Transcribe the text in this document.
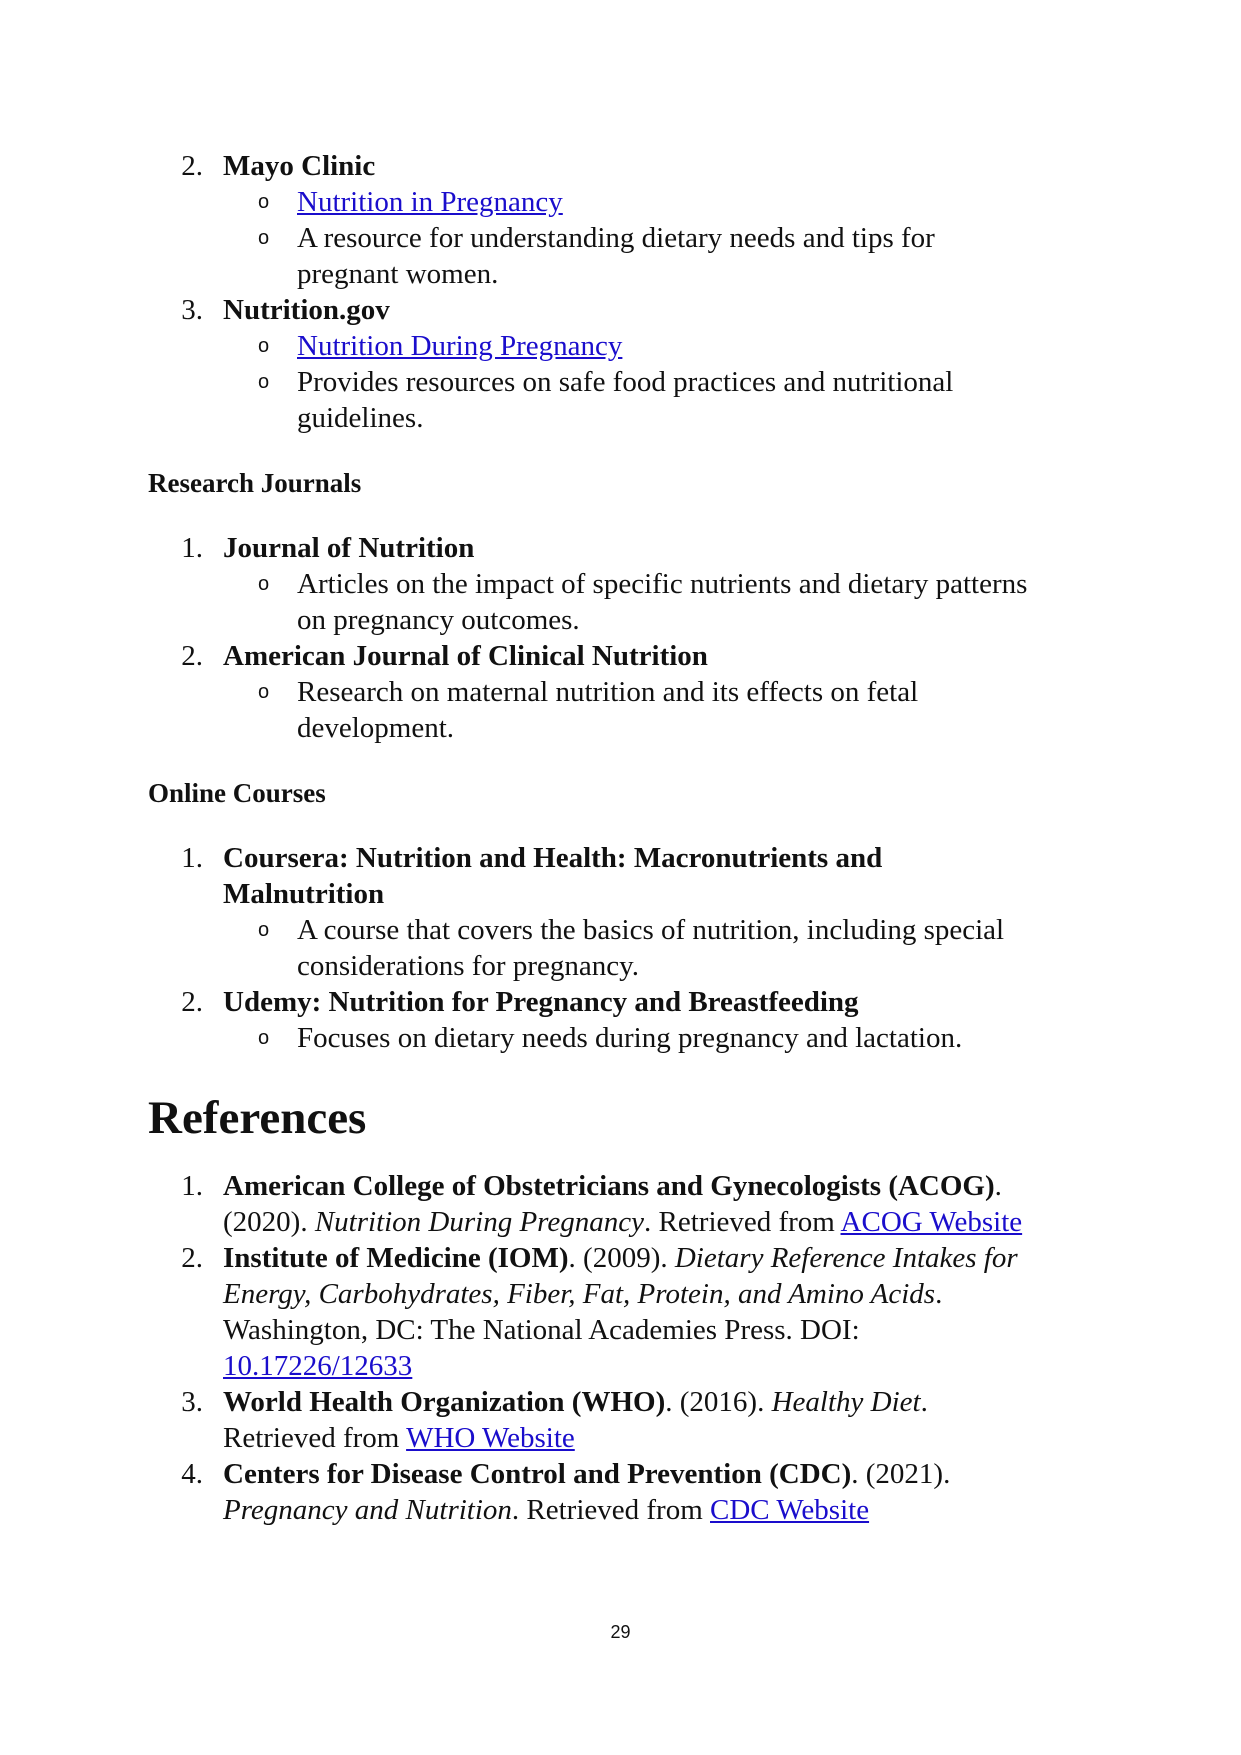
2. Mayo Clinic
o Nutrition in Pregnancy
o A resource for understanding dietary needs and tips for
pregnant women.
3. Nutrition.gov
o Nutrition During Pregnancy
o Provides resources on safe food practices and nutritional
guidelines.
Research Journals
1. Journal of Nutrition
o Articles on the impact of specific nutrients and dietary patterns
on pregnancy outcomes.
2. American Journal of Clinical Nutrition
o Research on maternal nutrition and its effects on fetal
development.
Online Courses
1. Coursera: Nutrition and Health: Macronutrients and
Malnutrition
o A course that covers the basics of nutrition, including special
considerations for pregnancy.
2. Udemy: Nutrition for Pregnancy and Breastfeeding
o Focuses on dietary needs during pregnancy and lactation.
References
1. American College of Obstetricians and Gynecologists (ACOG).
(2020). Nutrition During Pregnancy. Retrieved from ACOG Website
2. Institute of Medicine (IOM). (2009). Dietary Reference Intakes for
Energy, Carbohydrates, Fiber, Fat, Protein, and Amino Acids.
Washington, DC: The National Academies Press. DOI:
10.17226/12633
3. World Health Organization (WHO). (2016). Healthy Diet.
Retrieved from WHO Website
4. Centers for Disease Control and Prevention (CDC). (2021).
Pregnancy and Nutrition. Retrieved from CDC Website
29
